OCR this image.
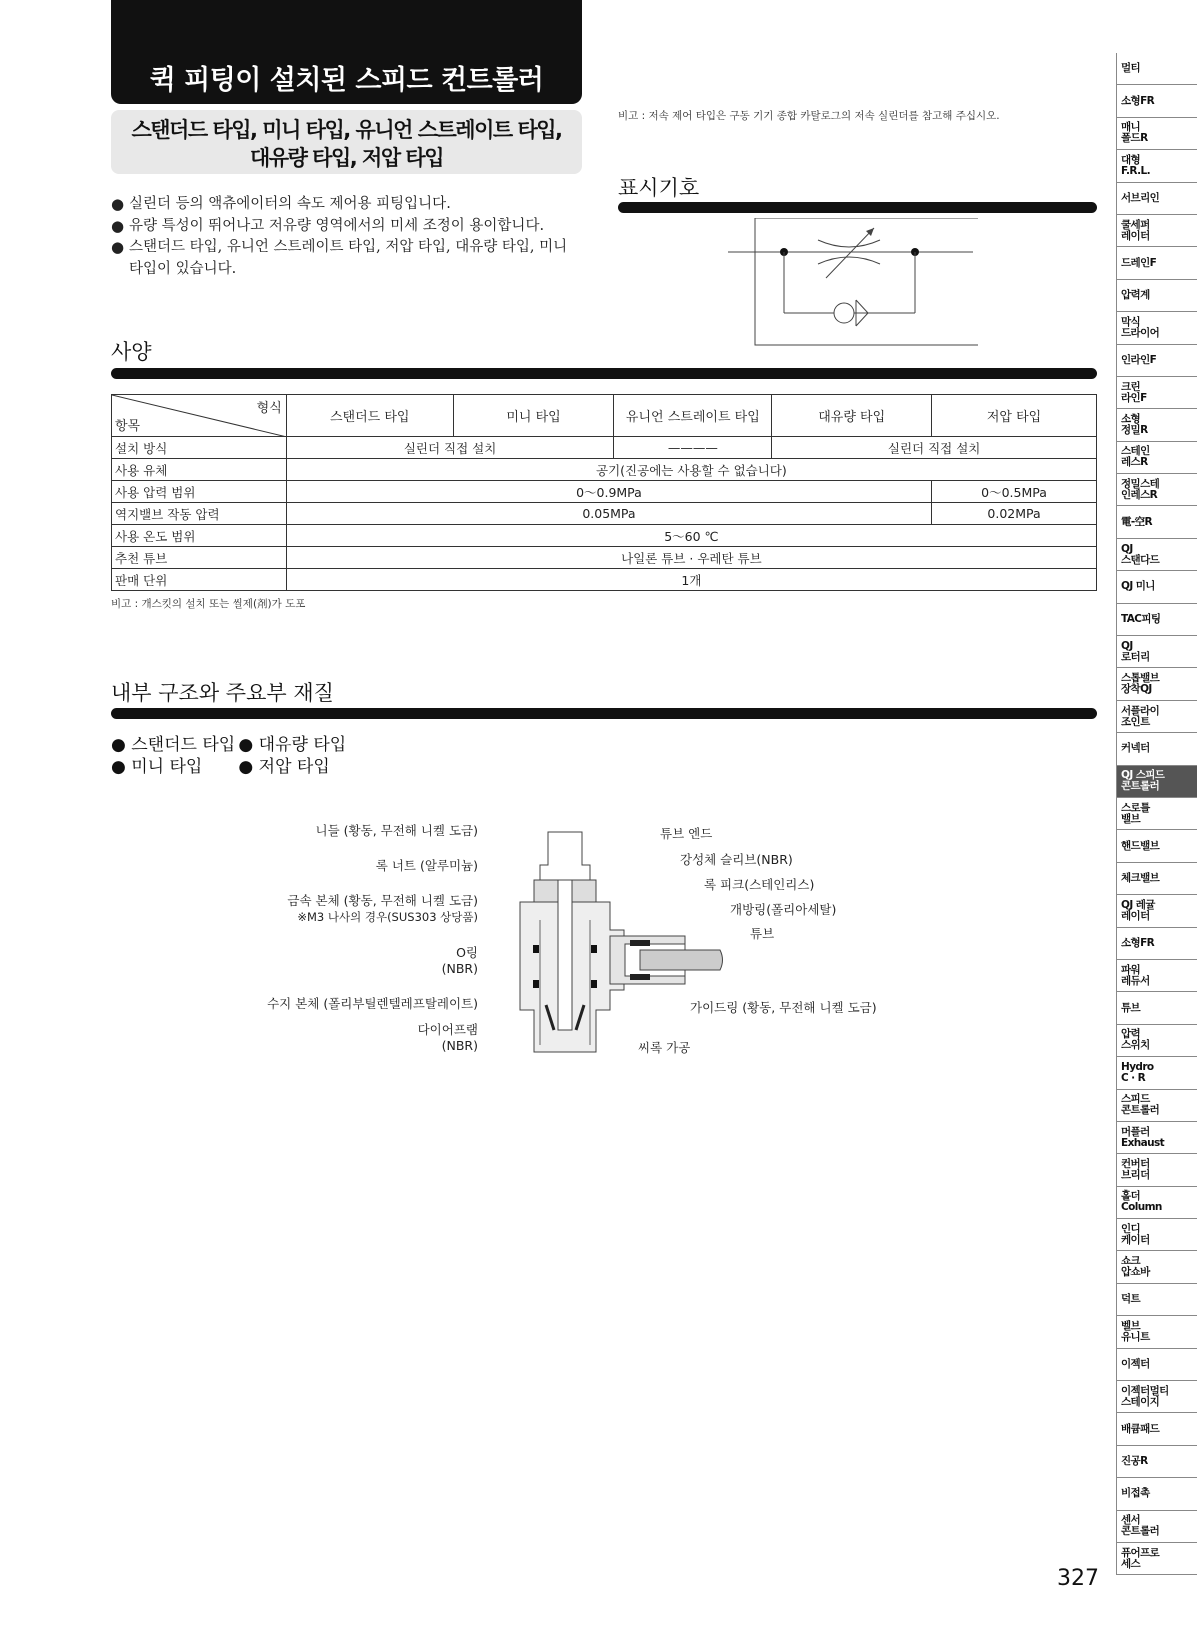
퀵 피팅이 설치된 스피드 컨트롤러
스탠더드 타입, 미니 타입, 유니언 스트레이트 타입,
대유량 타입, 저압 타입
● 실린더 등의 액츄에이터의 속도 제어용 피팅입니다.
● 유량 특성이 뛰어나고 저유량 영역에서의 미세 조정이 용이합니다.
● 스탠더드 타입, 유니언 스트레이트 타입, 저압 타입, 대유량 타입, 미니 타입이 있습니다.
비고 : 저속 제어 타입은 구동 기기 종합 카탈로그의 저속 실린더를 참고해 주십시오.
표시기호
사양
형식
항목	스탠더드 타입	미니 타입	유니언 스트레이트 타입	대유량 타입	저압 타입
설치 방식	실린더 직접 설치		————	실린더 직접 설치	
사용 유체	공기(진공에는 사용할 수 없습니다)				
사용 압력 범위	0～0.9MPa				0～0.5MPa
역지밸브 작동 압력	0.05MPa				0.02MPa
사용 온도 범위	5～60 ℃				
추천 튜브	나일론 튜브 · 우레탄 튜브				
판매 단위	1개				
비고 : 개스킷의 설치 또는 씰제(剤)가 도포
내부 구조와 주요부 재질
● 스탠더드 타입 ● 대유량 타입
● 미니 타입 ● 저압 타입
니들 (황동, 무전해 니켈 도금)
록 너트 (알루미늄)
금속 본체 (황동, 무전해 니켈 도금)
※M3 나사의 경우(SUS303 상당품)
O링
(NBR)
수지 본체 (폴리부틸렌텔레프탈레이트)
다이어프램
(NBR)
튜브 엔드
강성체 슬리브(NBR)
록 피크(스테인리스)
개방링(폴리아세탈)
튜브
가이드링 (황동, 무전해 니켈 도금)
씨록 가공
멀티
소형FR
매니
폴드R
대형
F.R.L.
서브리인
쿨세퍼
레이터
드레인F
압력계
막식
드라이어
인라인F
크린
라인F
소형
정밀R
스테인
레스R
정밀스테
인레스R
電-空R
QJ
스탠다드
QJ 미니
TAC피팅
QJ
로터리
스톱밸브
장착QJ
서플라이
조인트
커넥터
QJ 스피드
콘트롤러
스로틀
밸브
핸드밸브
체크밸브
QJ 레귤
레이터
소형FR
파워
레듀서
튜브
압력
스위치
Hydro
C · R
스피드
콘트롤러
머플러
Exhaust
컨버터
브리더
홀더
Column
인디
케이터
쇼크
압쇼바
덕트
벨브
유니트
이젝터
이젝터멀티
스테이지
배큠패드
진공R
비접촉
센서
콘트롤러
퓨어프로
세스
327
